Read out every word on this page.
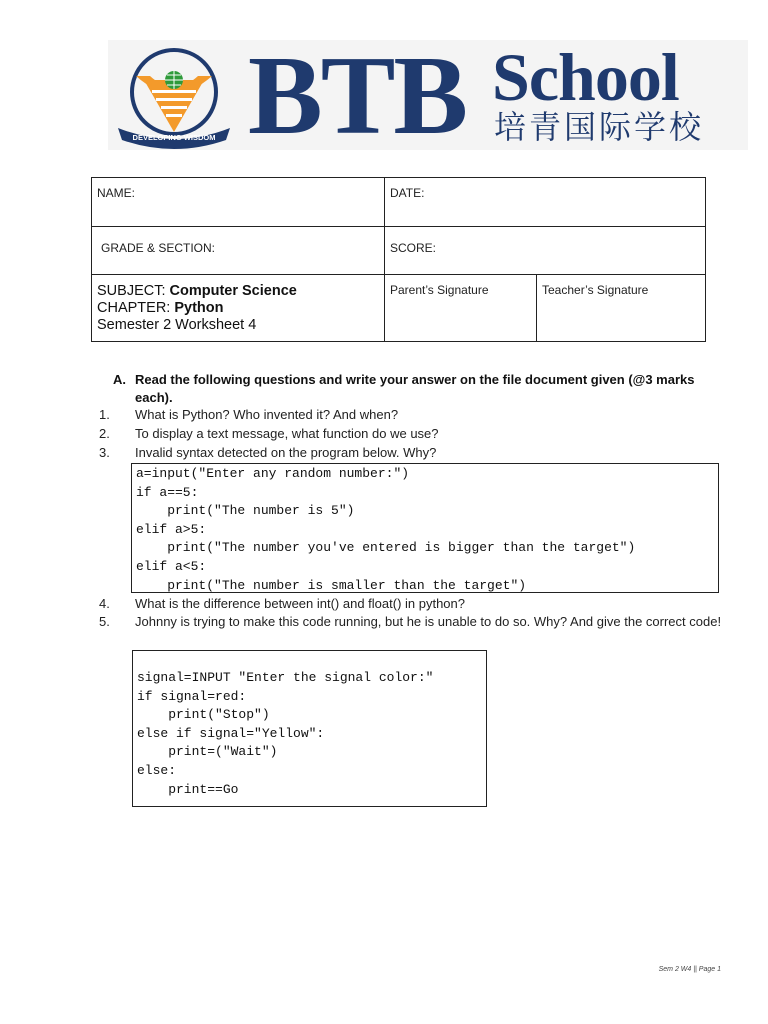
DEVELOPING WISDOM BTB School
培青国际学校
NAME:	DATE:	

GRADE & SECTION:	SCORE:	

SUBJECT: Computer Science
CHAPTER: Python
Semester 2 Worksheet 4	Parent’s Signature	Teacher’s Signature
A. Read the following questions and write your answer on the file document given (@3 marks each).
1. What is Python? Who invented it? And when?
2. To display a text message, what function do we use?
3. Invalid syntax detected on the program below. Why?
a=input("Enter any random number:")
if a==5:
print("The number is 5")
elif a>5:
print("The number you've entered is bigger than the target")
elif a<5:
print("The number is smaller than the target")
4. What is the difference between int() and float() in python?
5. Johnny is trying to make this code running, but he is unable to do so. Why? And give the correct code!
signal=INPUT "Enter the signal color:"
if signal=red:
print("Stop")
else if signal="Yellow":
print=("Wait")
else:
print==Go
Sem 2 W4 || Page 1
